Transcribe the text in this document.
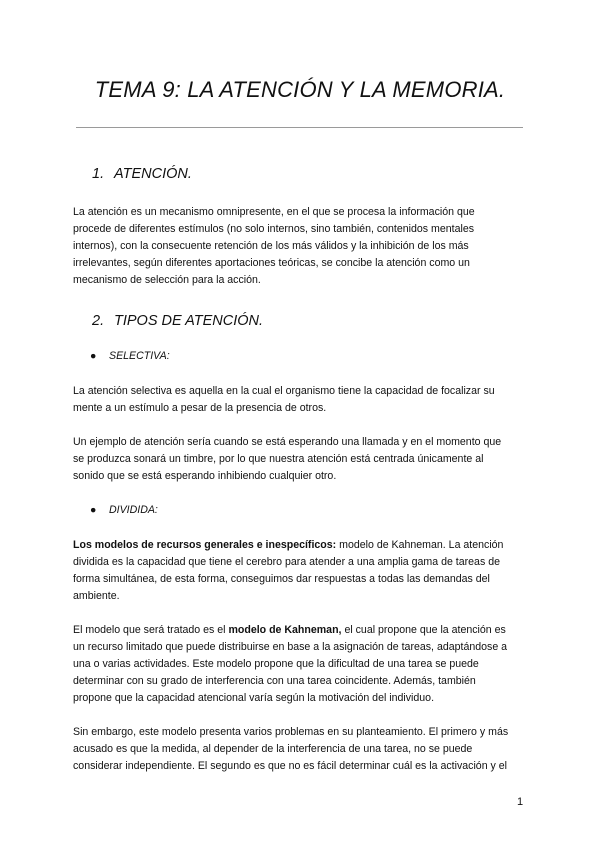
TEMA 9: LA ATENCIÓN Y LA MEMORIA.
1. ATENCIÓN.

La atención es un mecanismo omnipresente, en el que se procesa la información que
procede de diferentes estímulos (no solo internos, sino también, contenidos mentales
internos), con la consecuente retención de los más válidos y la inhibición de los más
irrelevantes, según diferentes aportaciones teóricas, se concibe la atención como un
mecanismo de selección para la acción.

2. TIPOS DE ATENCIÓN.
● SELECTIVA:

La atención selectiva es aquella en la cual el organismo tiene la capacidad de focalizar su
mente a un estímulo a pesar de la presencia de otros.

Un ejemplo de atención sería cuando se está esperando una llamada y en el momento que
se produzca sonará un timbre, por lo que nuestra atención está centrada únicamente al
sonido que se está esperando inhibiendo cualquier otro.

● DIVIDIDA:

Los modelos de recursos generales e inespecíficos: modelo de Kahneman. La atención
dividida es la capacidad que tiene el cerebro para atender a una amplia gama de tareas de
forma simultánea, de esta forma, conseguimos dar respuestas a todas las demandas del
ambiente.

El modelo que será tratado es el modelo de Kahneman, el cual propone que la atención es
un recurso limitado que puede distribuirse en base a la asignación de tareas, adaptándose a
una o varias actividades. Este modelo propone que la dificultad de una tarea se puede
determinar con su grado de interferencia con una tarea coincidente. Además, también
propone que la capacidad atencional varía según la motivación del individuo.

Sin embargo, este modelo presenta varios problemas en su planteamiento. El primero y más
acusado es que la medida, al depender de la interferencia de una tarea, no se puede
considerar independiente. El segundo es que no es fácil determinar cuál es la activación y el

1
